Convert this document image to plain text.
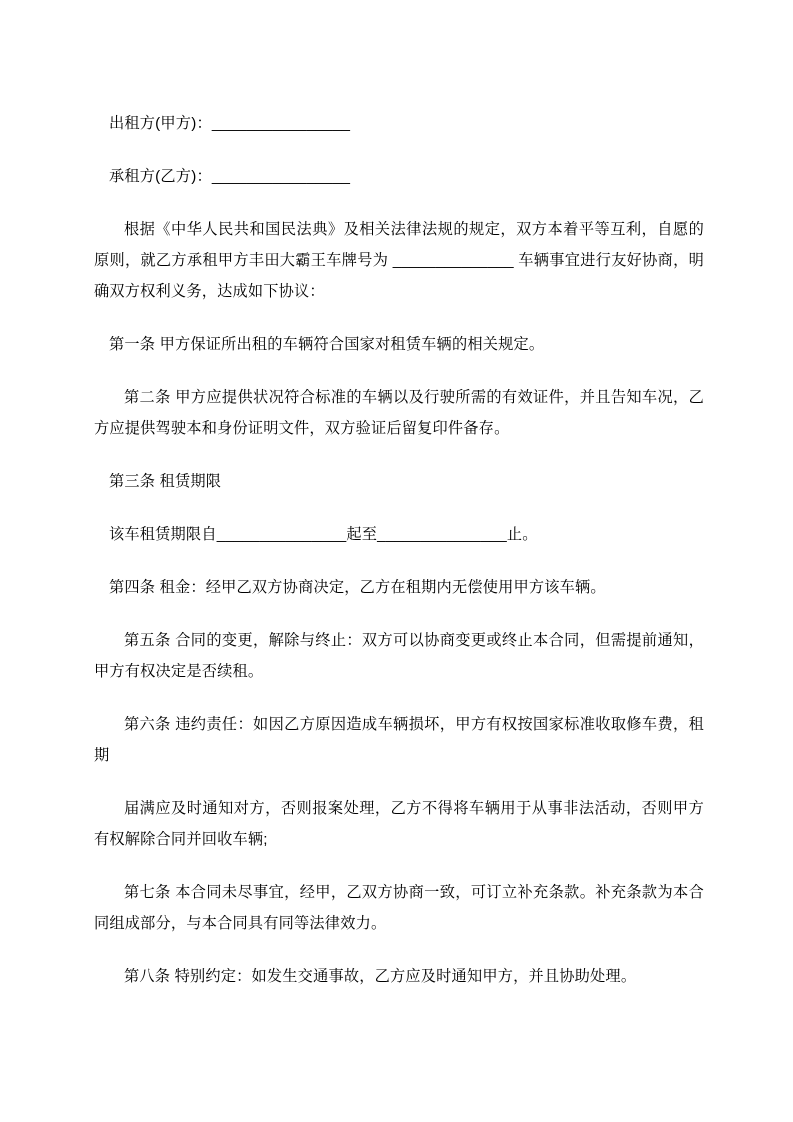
出租方(甲方)：________________

承租方(乙方)：________________

根据《中华人民共和国民法典》及相关法律法规的规定，双方本着平等互利，自愿的原则，就乙方承租甲方丰田大霸王车牌号为 ______________ 车辆事宜进行友好协商，明确双方权利义务，达成如下协议：

第一条 甲方保证所出租的车辆符合国家对租赁车辆的相关规定。

第二条 甲方应提供状况符合标准的车辆以及行驶所需的有效证件，并且告知车况，乙方应提供驾驶本和身份证明文件，双方验证后留复印件备存。

第三条 租赁期限

该车租赁期限自_______________起至_______________止。

第四条 租金：经甲乙双方协商决定，乙方在租期内无偿使用甲方该车辆。

第五条 合同的变更，解除与终止：双方可以协商变更或终止本合同，但需提前通知，甲方有权决定是否续租。

第六条 违约责任：如因乙方原因造成车辆损坏，甲方有权按国家标准收取修车费，租期

届满应及时通知对方，否则报案处理，乙方不得将车辆用于从事非法活动，否则甲方有权解除合同并回收车辆;

第七条 本合同未尽事宜，经甲，乙双方协商一致，可订立补充条款。补充条款为本合同组成部分，与本合同具有同等法律效力。

第八条 特别约定：如发生交通事故，乙方应及时通知甲方，并且协助处理。
